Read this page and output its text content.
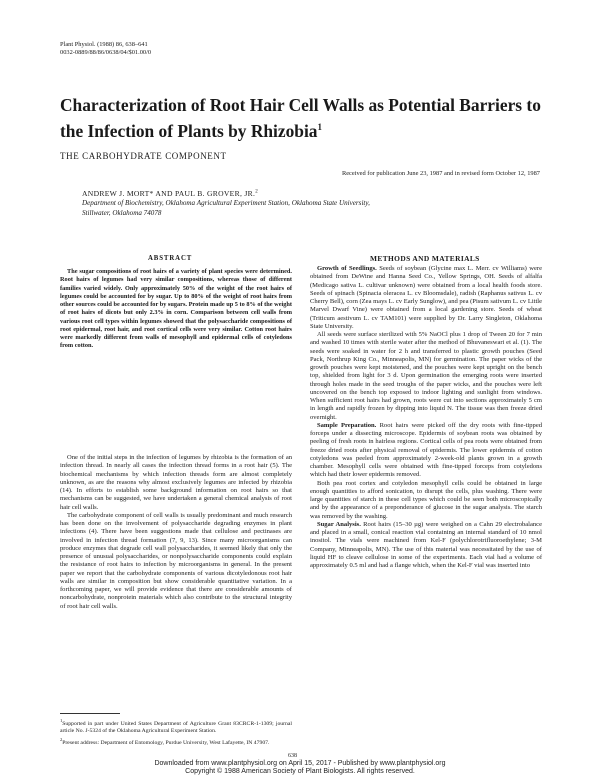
Plant Physiol. (1988) 86, 638–641
0032-0889/88/86/0638/04/$01.00/0
Characterization of Root Hair Cell Walls as Potential Barriers to the Infection of Plants by Rhizobia$^1$
THE CARBOHYDRATE COMPONENT
Received for publication June 23, 1987 and in revised form October 12, 1987
ANDREW J. MORT* AND PAUL B. GROVER, JR.$^2$
Department of Biochemistry, Oklahoma Agricultural Experiment Station, Oklahoma State University,
Stillwater, Oklahoma 74078
ABSTRACT

The sugar compositions of root hairs of a variety of plant species were determined. Root hairs of legumes had very similar compositions, whereas those of different families varied widely. Only approximately 50% of the weight of the root hairs of legumes could be accounted for by sugar. Up to 80% of the weight of root hairs from other sources could be accounted for by sugars. Protein made up 5 to 8% of the weight of root hairs of dicots but only 2.3% in corn. Comparison between cell walls from various root cell types within legumes showed that the polysaccharide compositions of root epidermal, root hair, and root cortical cells were very similar. Cotton root hairs were markedly different from walls of mesophyll and epidermal cells of cotyledons from cotton.

One of the initial steps in the infection of legumes by rhizobia is the formation of an infection thread. In nearly all cases the infection thread forms in a root hair (5). The biochemical mechanisms by which infection threads form are almost completely unknown, as are the reasons why almost exclusively legumes are infected by rhizobia (14). In efforts to establish some background information on root hairs so that mechanisms can be suggested, we have undertaken a general chemical analysis of root hair cell walls.

The carbohydrate component of cell walls is usually predominant and much research has been done on the involvement of polysaccharide degrading enzymes in plant infections (4). There have been suggestions made that cellulose and pectinases are involved in infection thread formation (7, 9, 13). Since many microorganisms can produce enzymes that degrade cell wall polysaccharides, it seemed likely that only the presence of unusual polysaccharides, or nonpolysaccharide components could explain the resistance of root hairs to infection by microorganisms in general. In the present paper we report that the carbohydrate components of various dicotyledonous root hair walls are similar in composition but show considerable quantitative variation. In a forthcoming paper, we will provide evidence that there are considerable amounts of noncarbohydrate, nonprotein materials which also contribute to the structural integrity of root hair cell walls.

$^1$Supported in part under United States Department of Agriculture Grant 83CRCR-1-1309; journal article No. J-5324 of the Oklahoma Agricultural Experiment Station.

$^2$Present address: Department of Entomology, Purdue University, West Lafayette, IN 47907.

METHODS AND MATERIALS

Growth of Seedlings. Seeds of soybean (Glycine max L. Merr. cv Williams) were obtained from DeWine and Hanna Seed Co., Yellow Springs, OH. Seeds of alfalfa (Medicago sativa L. cultivar unknown) were obtained from a local health foods store. Seeds of spinach (Spinacia oleracea L. cv Bloomsdale), radish (Raphanus sativus L. cv Cherry Bell), corn (Zea mays L. cv Early Sunglow), and pea (Pisum sativum L. cv Little Marvel Dwarf Vine) were obtained from a local gardening store. Seeds of wheat (Triticum aestivum L. cv TAM101) were supplied by Dr. Larry Singleton, Oklahoma State University.

All seeds were surface sterilized with 5% NaOCl plus 1 drop of Tween 20 for 7 min and washed 10 times with sterile water after the method of Bhuvaneswari et al. (1). The seeds were soaked in water for 2 h and transferred to plastic growth pouches (Seed Pack, Northrup King Co., Minneapolis, MN) for germination. The paper wicks of the growth pouches were kept moistened, and the pouches were kept upright on the bench top, shielded from light for 3 d. Upon germination the emerging roots were inserted through holes made in the seed troughs of the paper wicks, and the pouches were left uncovered on the bench top exposed to indoor lighting and sunlight from windows. When sufficient root hairs had grown, roots were cut into sections approximately 5 cm in length and rapidly frozen by dipping into liquid N. The tissue was then freeze dried overnight.

Sample Preparation. Root hairs were picked off the dry roots with fine-tipped forceps under a dissecting microscope. Epidermis of soybean roots was obtained by peeling of fresh roots in hairless regions. Cortical cells of pea roots were obtained from freeze dried roots after physical removal of epidermis. The lower epidermis of cotton cotyledons was peeled from approximately 2-week-old plants grown in a growth chamber. Mesophyll cells were obtained with fine-tipped forceps from cotyledons which had their lower epidermis removed.

Both pea root cortex and cotyledon mesophyll cells could be obtained in large enough quantities to afford sonication, to disrupt the cells, plus washing. There were large quantities of starch in these cell types which could be seen both microscopically and by the appearance of a preponderance of glucose in the sugar analysis. The starch was removed by the washing.

Sugar Analysis. Root hairs (15–30 µg) were weighed on a Cahn 29 electrobalance and placed in a small, conical reaction vial containing an internal standard of 10 nmol inositol. The vials were machined from Kel-F (polychlorotrifluoroethylene; 3-M Company, Minneapolis, MN). The use of this material was necessitated by the use of liquid HF to cleave cellulose in some of the experiments. Each vial had a volume of approximately 0.5 ml and had a flange which, when the Kel-F vial was inserted into

638
Downloaded from www.plantphysiol.org on April 15, 2017 - Published by www.plantphysiol.org
Copyright © 1988 American Society of Plant Biologists. All rights reserved.
